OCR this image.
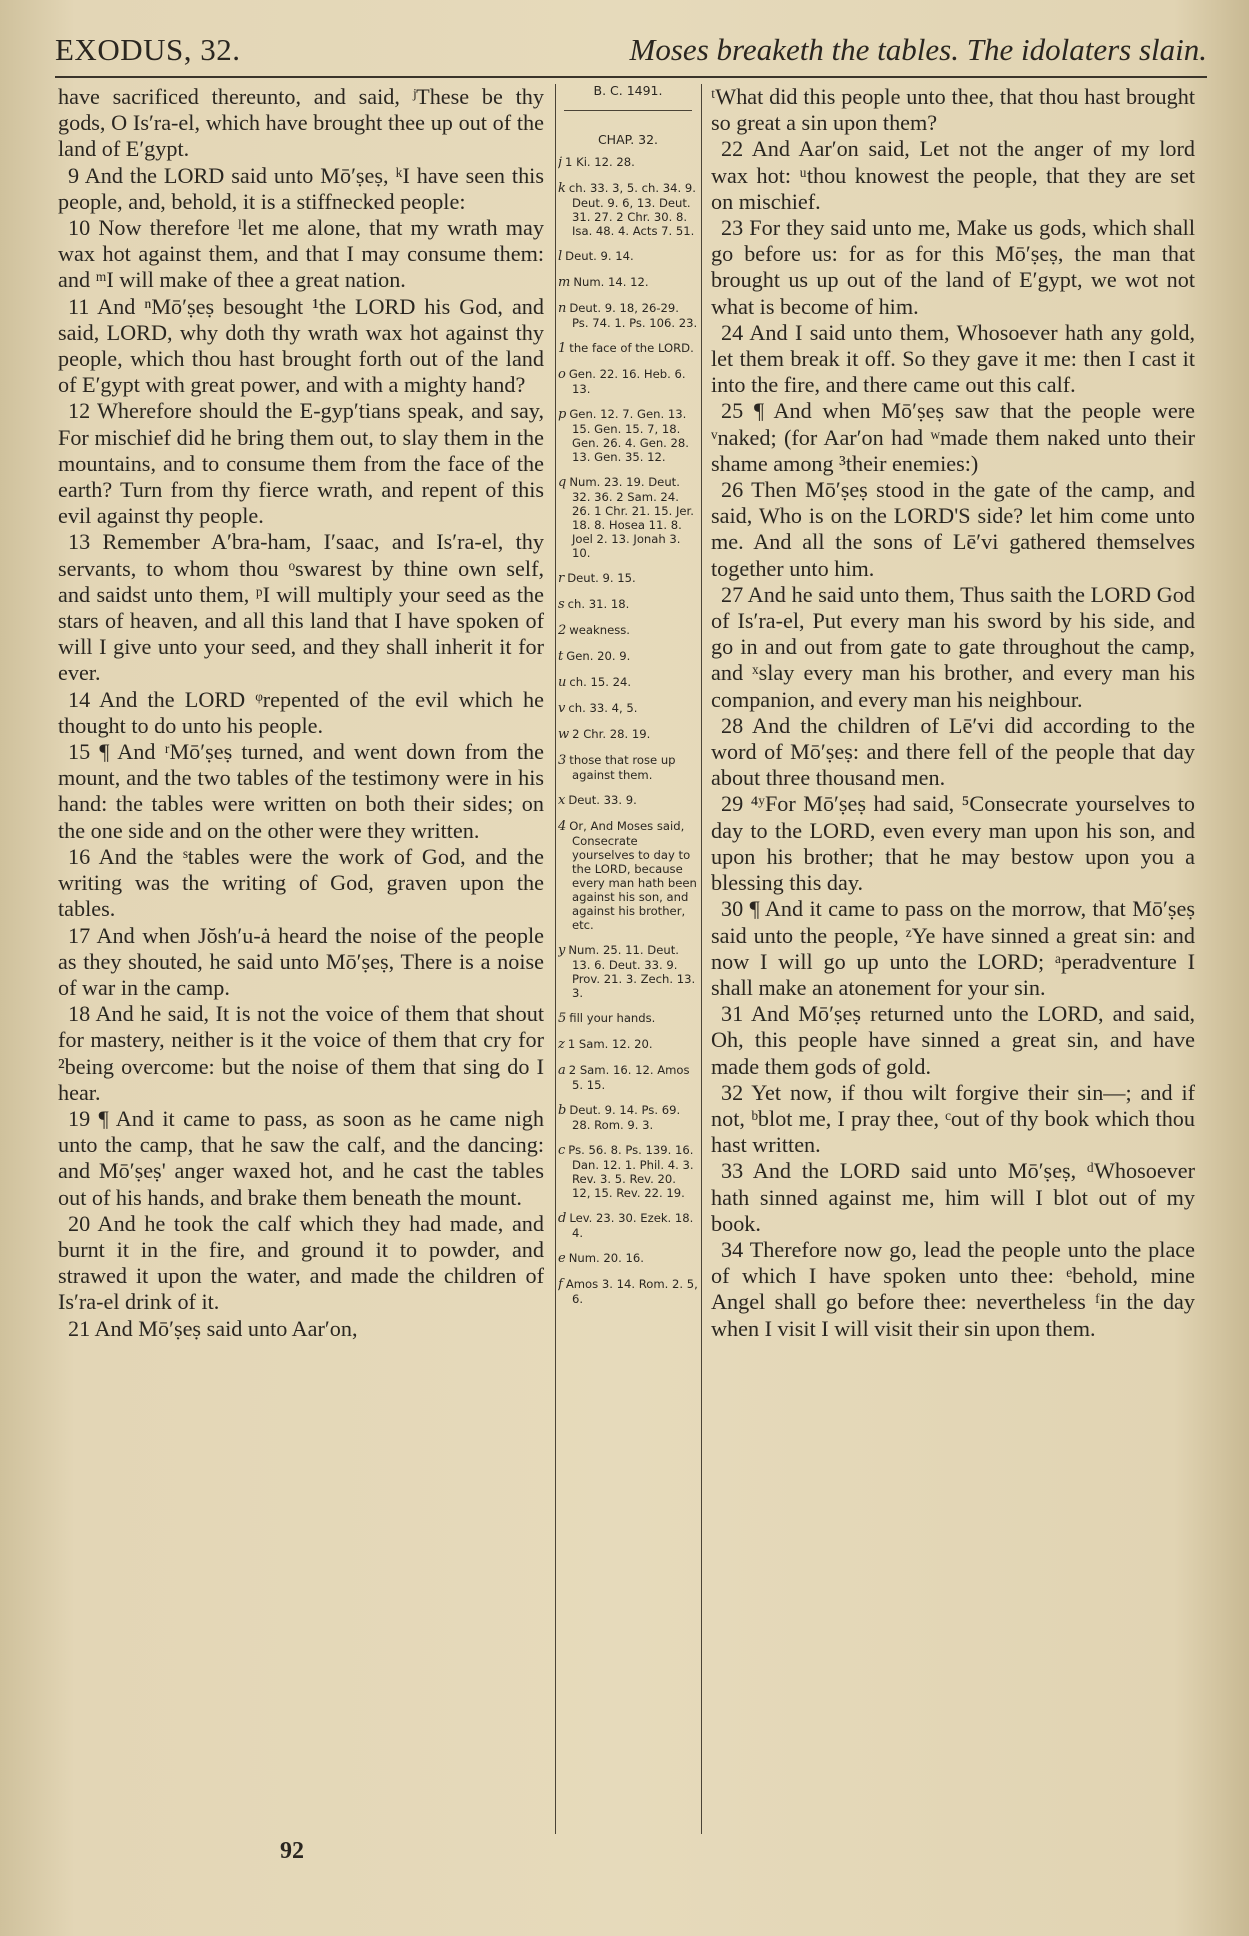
EXODUS, 32.	Moses breaketh the tables. The idolaters slain.

have sacrificed thereunto, and said, ʲThese be thy gods, O Is′ra-el, which have brought thee up out of the land of E′gypt.

9 And the LORD said unto Mō′ṣeṣ, ᵏI have seen this people, and, behold, it is a stiffnecked people:

10 Now therefore ˡlet me alone, that my wrath may wax hot against them, and that I may consume them: and ᵐI will make of thee a great nation.

11 And ⁿMō′ṣeṣ besought ¹the LORD his God, and said, LORD, why doth thy wrath wax hot against thy people, which thou hast brought forth out of the land of E′gypt with great power, and with a mighty hand?

12 Wherefore should the E-gyp′tians speak, and say, For mischief did he bring them out, to slay them in the mountains, and to consume them from the face of the earth? Turn from thy fierce wrath, and repent of this evil against thy people.

13 Remember A′bra-ham, I′saac, and Is′ra-el, thy servants, to whom thou ᵒswarest by thine own self, and saidst unto them, ᵖI will multiply your seed as the stars of heaven, and all this land that I have spoken of will I give unto your seed, and they shall inherit it for ever.

14 And the LORD ᵠrepented of the evil which he thought to do unto his people.

15 ¶ And ʳMō′ṣeṣ turned, and went down from the mount, and the two tables of the testimony were in his hand: the tables were written on both their sides; on the one side and on the other were they written.

16 And the ˢtables were the work of God, and the writing was the writing of God, graven upon the tables.

17 And when Jŏsh′u-ȧ heard the noise of the people as they shouted, he said unto Mō′ṣeṣ, There is a noise of war in the camp.

18 And he said, It is not the voice of them that shout for mastery, neither is it the voice of them that cry for ²being overcome: but the noise of them that sing do I hear.

19 ¶ And it came to pass, as soon as he came nigh unto the camp, that he saw the calf, and the dancing: and Mō′ṣeṣ' anger waxed hot, and he cast the tables out of his hands, and brake them beneath the mount.

20 And he took the calf which they had made, and burnt it in the fire, and ground it to powder, and strawed it upon the water, and made the children of Is′ra-el drink of it.

21 And Mō′ṣeṣ said unto Aar′on,

B. C. 1491.
CHAP. 32.
j 1 Ki. 12. 28.
k ch. 33. 3, 5. ch. 34. 9. Deut. 9. 6, 13. Deut. 31. 27. 2 Chr. 30. 8. Isa. 48. 4. Acts 7. 51.
l Deut. 9. 14.
m Num. 14. 12.
n Deut. 9. 18, 26-29. Ps. 74. 1. Ps. 106. 23.
1 the face of the LORD.
o Gen. 22. 16. Heb. 6. 13.
p Gen. 12. 7. Gen. 13. 15. Gen. 15. 7, 18. Gen. 26. 4. Gen. 28. 13. Gen. 35. 12.
q Num. 23. 19. Deut. 32. 36. 2 Sam. 24. 26. 1 Chr. 21. 15. Jer. 18. 8. Hosea 11. 8. Joel 2. 13. Jonah 3. 10.
r Deut. 9. 15.
s ch. 31. 18.
2 weakness.
t Gen. 20. 9.
u ch. 15. 24.
v ch. 33. 4, 5.
w 2 Chr. 28. 19.
3 those that rose up against them.
x Deut. 33. 9.
4 Or, And Moses said, Consecrate yourselves to day to the LORD, because every man hath been against his son, and against his brother, etc.
y Num. 25. 11. Deut. 13. 6. Deut. 33. 9. Prov. 21. 3. Zech. 13. 3.
5 fill your hands.
z 1 Sam. 12. 20.
a 2 Sam. 16. 12. Amos 5. 15.
b Deut. 9. 14. Ps. 69. 28. Rom. 9. 3.
c Ps. 56. 8. Ps. 139. 16. Dan. 12. 1. Phil. 4. 3. Rev. 3. 5. Rev. 20. 12, 15. Rev. 22. 19.
d Lev. 23. 30. Ezek. 18. 4.
e Num. 20. 16.
f Amos 3. 14. Rom. 2. 5, 6.

ᵗWhat did this people unto thee, that thou hast brought so great a sin upon them?

22 And Aar′on said, Let not the anger of my lord wax hot: ᵘthou knowest the people, that they are set on mischief.

23 For they said unto me, Make us gods, which shall go before us: for as for this Mō′ṣeṣ, the man that brought us up out of the land of E′gypt, we wot not what is become of him.

24 And I said unto them, Whosoever hath any gold, let them break it off. So they gave it me: then I cast it into the fire, and there came out this calf.

25 ¶ And when Mō′ṣeṣ saw that the people were ᵛnaked; (for Aar′on had ʷmade them naked unto their shame among ³their enemies:)

26 Then Mō′ṣeṣ stood in the gate of the camp, and said, Who is on the LORD'S side? let him come unto me. And all the sons of Lē′vi gathered themselves together unto him.

27 And he said unto them, Thus saith the LORD God of Is′ra-el, Put every man his sword by his side, and go in and out from gate to gate throughout the camp, and ˣslay every man his brother, and every man his companion, and every man his neighbour.

28 And the children of Lē′vi did according to the word of Mō′ṣeṣ: and there fell of the people that day about three thousand men.

29 ⁴ʸFor Mō′ṣeṣ had said, ⁵Consecrate yourselves to day to the LORD, even every man upon his son, and upon his brother; that he may bestow upon you a blessing this day.

30 ¶ And it came to pass on the morrow, that Mō′ṣeṣ said unto the people, ᶻYe have sinned a great sin: and now I will go up unto the LORD; ᵃperadventure I shall make an atonement for your sin.

31 And Mō′ṣeṣ returned unto the LORD, and said, Oh, this people have sinned a great sin, and have made them gods of gold.

32 Yet now, if thou wilt forgive their sin—; and if not, ᵇblot me, I pray thee, ᶜout of thy book which thou hast written.

33 And the LORD said unto Mō′ṣeṣ, ᵈWhosoever hath sinned against me, him will I blot out of my book.

34 Therefore now go, lead the people unto the place of which I have spoken unto thee: ᵉbehold, mine Angel shall go before thee: nevertheless ᶠin the day when I visit I will visit their sin upon them.

92
